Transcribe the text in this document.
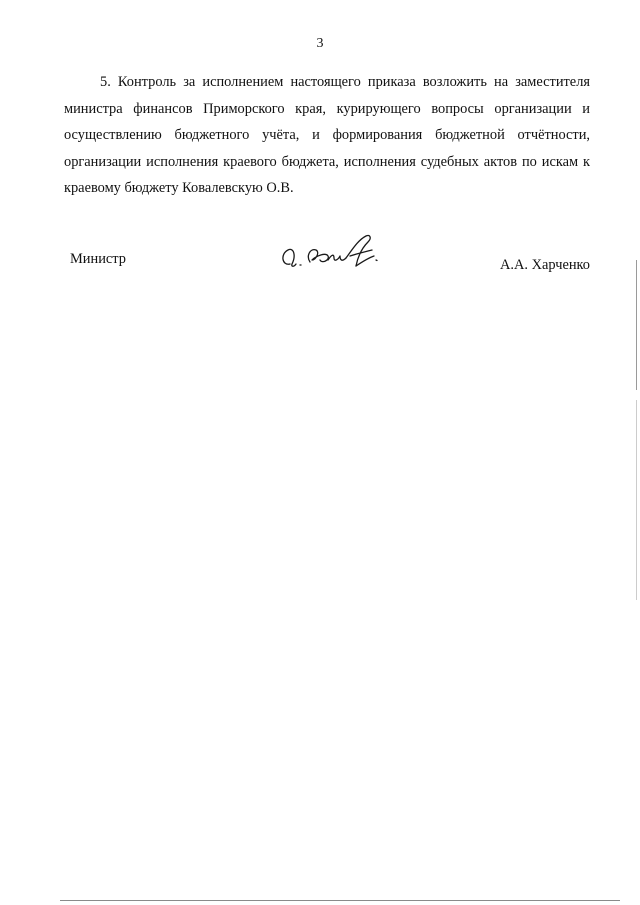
3

5. Контроль за исполнением настоящего приказа возложить на заместителя министра финансов Приморского края, курирующего вопросы организации и осуществлению бюджетного учёта, и формирования бюджетной отчётности, организации исполнения краевого бюджета, исполнения судебных актов по искам к краевому бюджету Ковалевскую О.В.

Министр	А.А. Харченко
